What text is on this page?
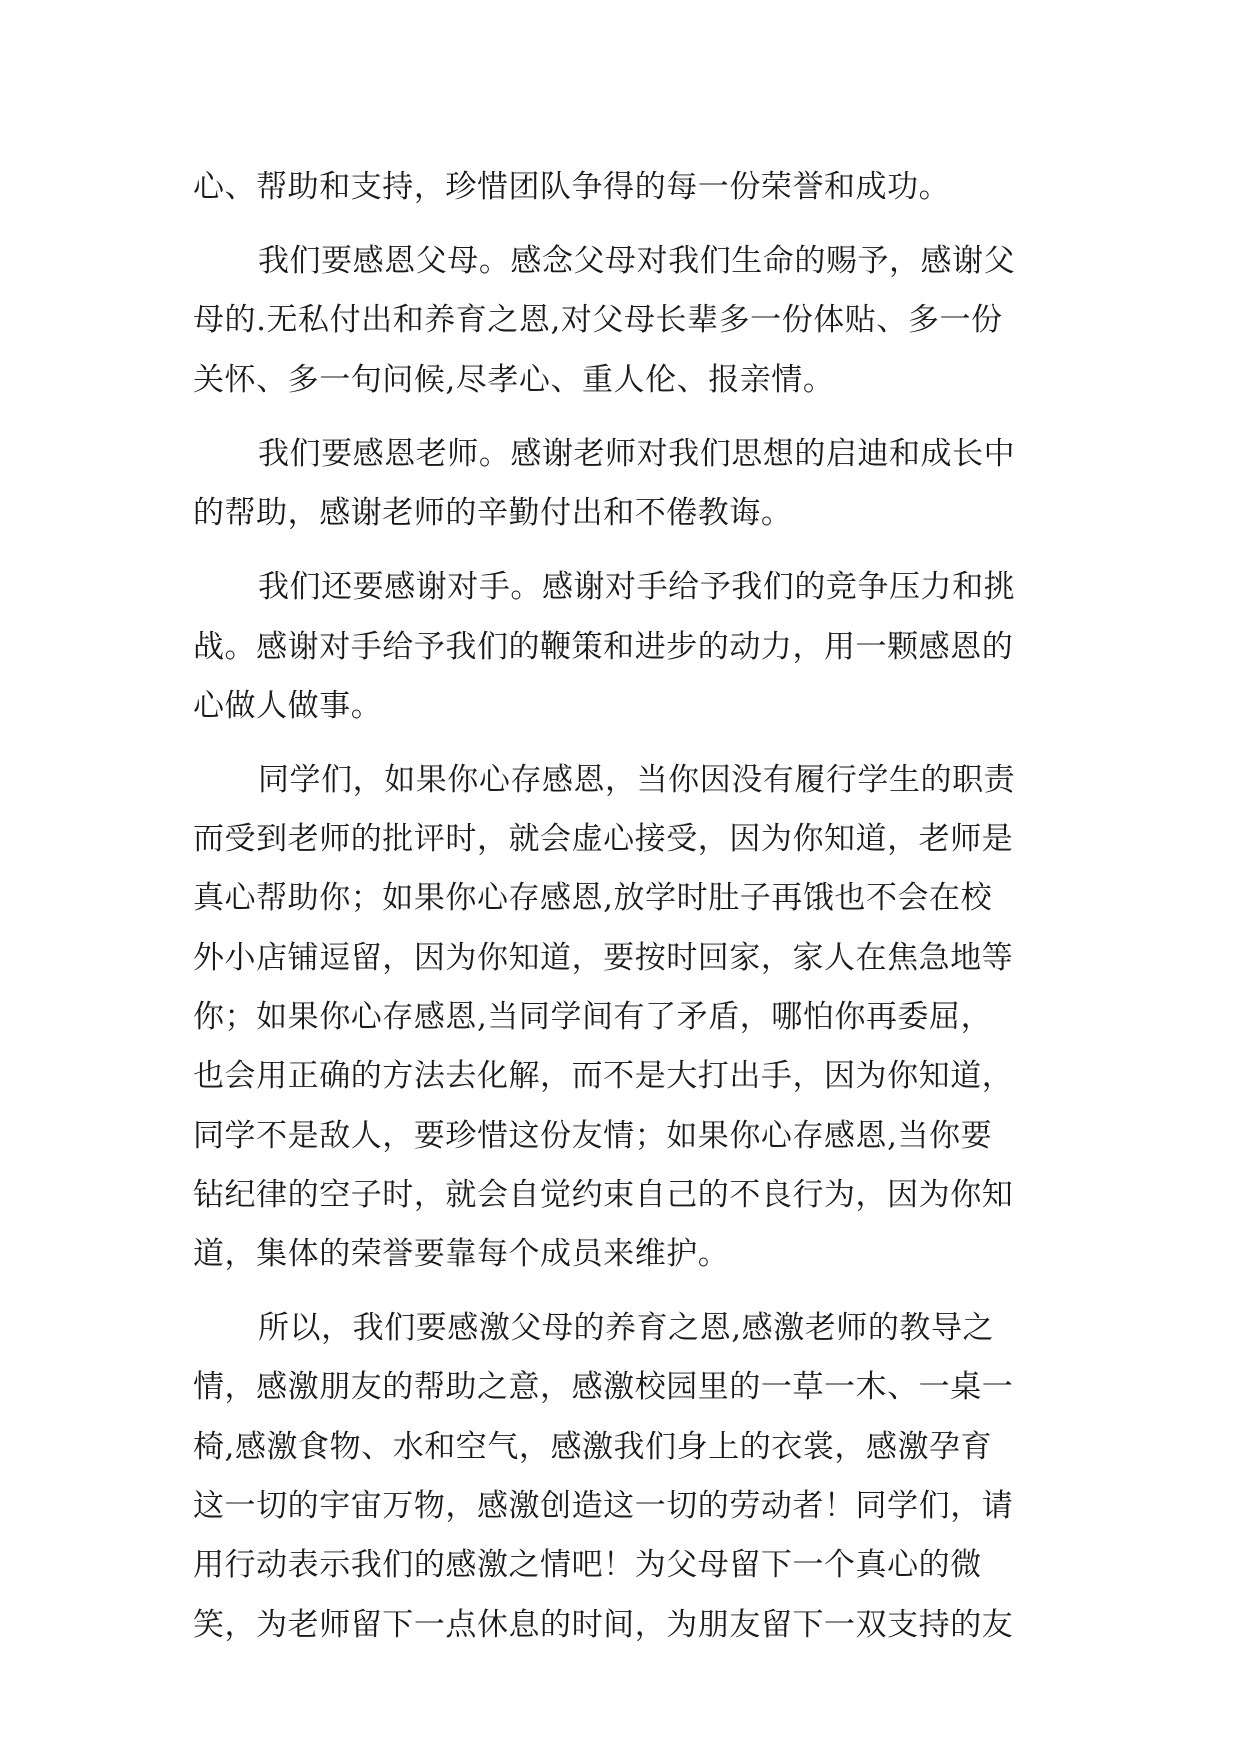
心、帮助和支持，珍惜团队争得的每一份荣誉和成功。
我们要感恩父母。感念父母对我们生命的赐予，感谢父
母的.无私付出和养育之恩,对父母长辈多一份体贴、多一份
关怀、多一句问候,尽孝心、重人伦、报亲情。
我们要感恩老师。感谢老师对我们思想的启迪和成长中
的帮助，感谢老师的辛勤付出和不倦教诲。
我们还要感谢对手。感谢对手给予我们的竞争压力和挑
战。感谢对手给予我们的鞭策和进步的动力，用一颗感恩的
心做人做事。
同学们，如果你心存感恩，当你因没有履行学生的职责
而受到老师的批评时，就会虚心接受，因为你知道，老师是
真心帮助你；如果你心存感恩,放学时肚子再饿也不会在校
外小店铺逗留，因为你知道，要按时回家，家人在焦急地等
你；如果你心存感恩,当同学间有了矛盾，哪怕你再委屈，
也会用正确的方法去化解，而不是大打出手，因为你知道，
同学不是敌人，要珍惜这份友情；如果你心存感恩,当你要
钻纪律的空子时，就会自觉约束自己的不良行为，因为你知
道，集体的荣誉要靠每个成员来维护。
所以，我们要感激父母的养育之恩,感激老师的教导之
情，感激朋友的帮助之意，感激校园里的一草一木、一桌一
椅,感激食物、水和空气，感激我们身上的衣裳，感激孕育
这一切的宇宙万物，感激创造这一切的劳动者！同学们，请
用行动表示我们的感激之情吧！为父母留下一个真心的微
笑，为老师留下一点休息的时间，为朋友留下一双支持的友
